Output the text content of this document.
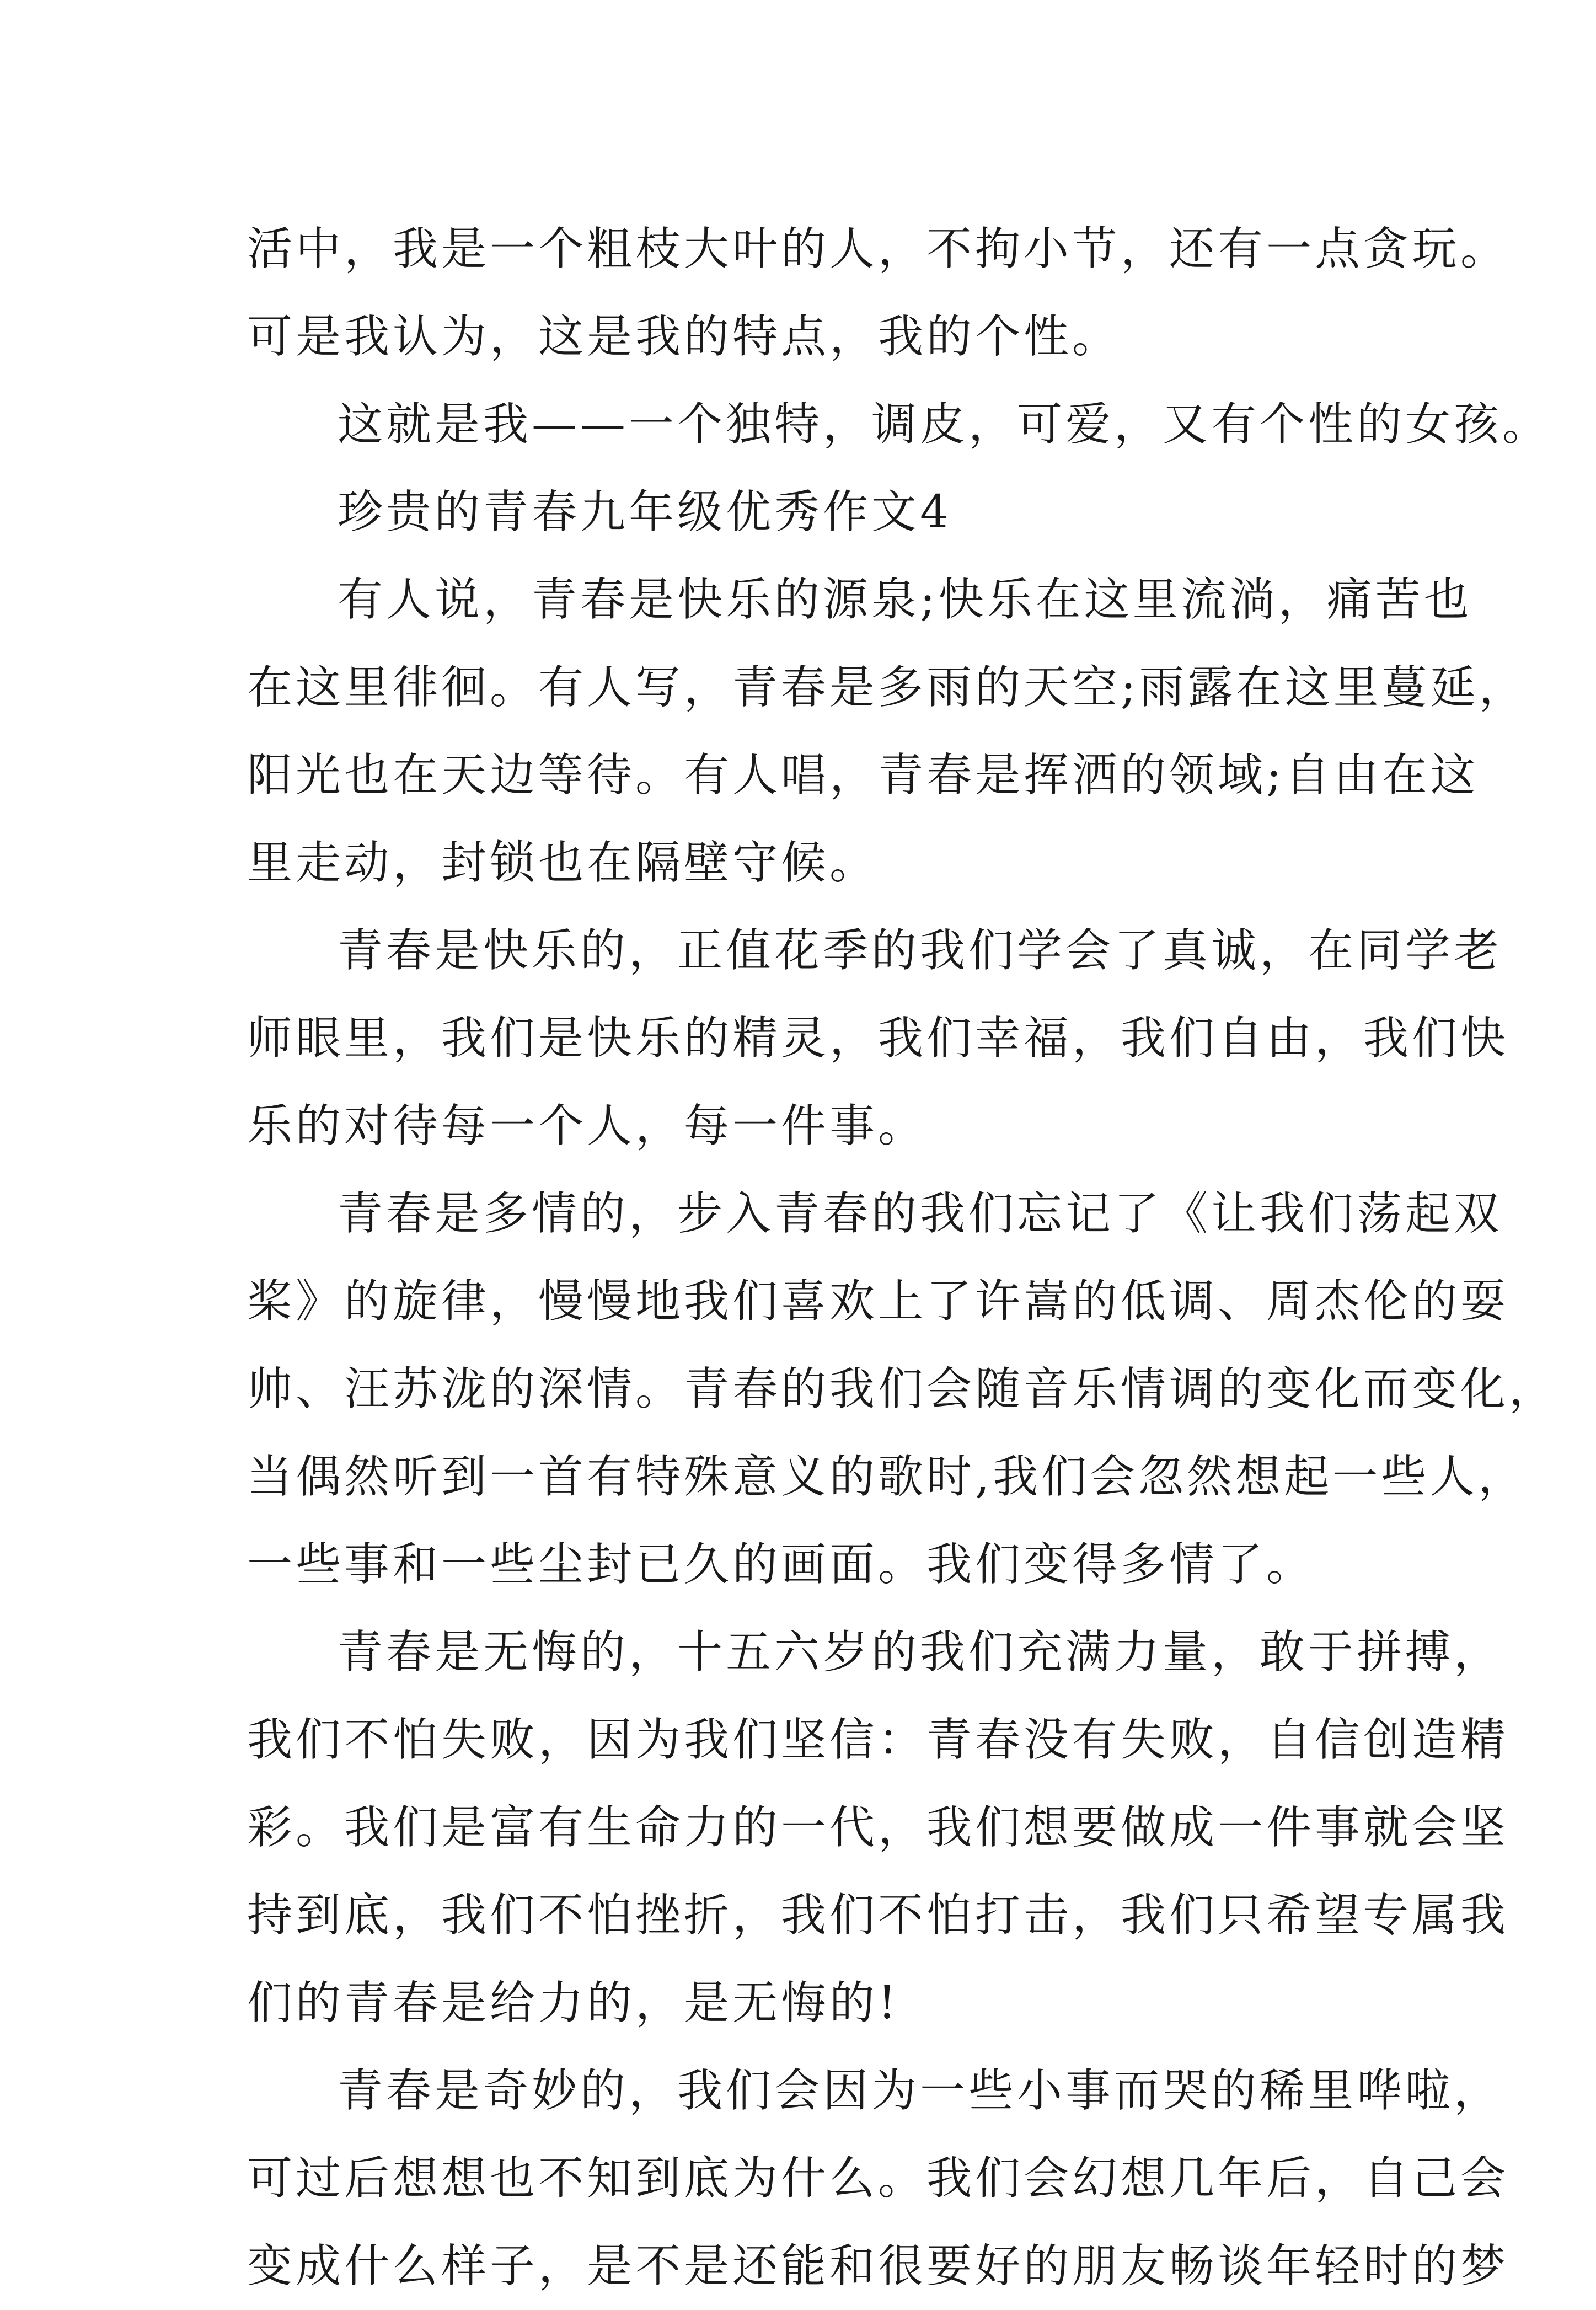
活中，我是一个粗枝大叶的人，不拘小节，还有一点贪玩。
可是我认为，这是我的特点，我的个性。
这就是我——一个独特，调皮，可爱，又有个性的女孩。
珍贵的青春九年级优秀作文4
有人说，青春是快乐的源泉;快乐在这里流淌，痛苦也
在这里徘徊。有人写，青春是多雨的天空;雨露在这里蔓延，
阳光也在天边等待。有人唱，青春是挥洒的领域;自由在这
里走动，封锁也在隔壁守候。
青春是快乐的，正值花季的我们学会了真诚，在同学老
师眼里，我们是快乐的精灵，我们幸福，我们自由，我们快
乐的对待每一个人，每一件事。
青春是多情的，步入青春的我们忘记了《让我们荡起双
桨》的旋律，慢慢地我们喜欢上了许嵩的低调、周杰伦的耍
帅、汪苏泷的深情。青春的我们会随音乐情调的变化而变化，
当偶然听到一首有特殊意义的歌时,我们会忽然想起一些人，
一些事和一些尘封已久的画面。我们变得多情了。
青春是无悔的，十五六岁的我们充满力量，敢于拼搏，
我们不怕失败，因为我们坚信：青春没有失败，自信创造精
彩。我们是富有生命力的一代，我们想要做成一件事就会坚
持到底，我们不怕挫折，我们不怕打击，我们只希望专属我
们的青春是给力的，是无悔的!
青春是奇妙的，我们会因为一些小事而哭的稀里哗啦，
可过后想想也不知到底为什么。我们会幻想几年后，自己会
变成什么样子，是不是还能和很要好的朋友畅谈年轻时的梦
